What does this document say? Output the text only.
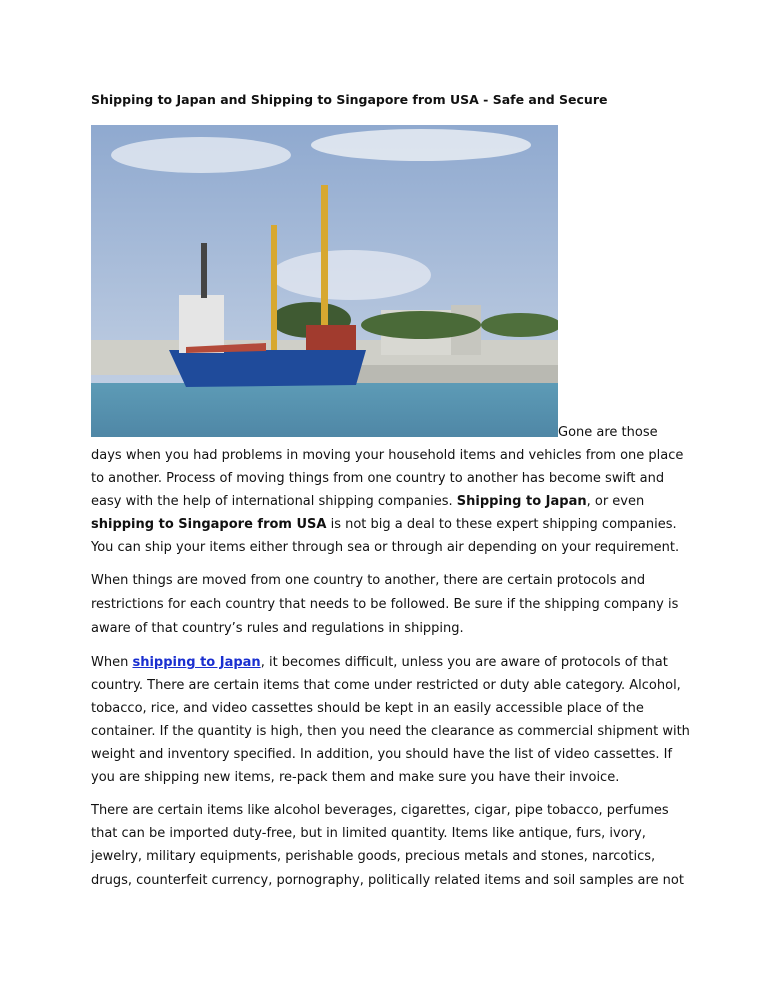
Shipping to Japan and Shipping to Singapore from USA - Safe and Secure
Gone are those
days when you had problems in moving your household items and vehicles from one place
to another. Process of moving things from one country to another has become swift and
easy with the help of international shipping companies. Shipping to Japan, or even
shipping to Singapore from USA is not big a deal to these expert shipping companies.
You can ship your items either through sea or through air depending on your requirement.
When things are moved from one country to another, there are certain protocols and
restrictions for each country that needs to be followed. Be sure if the shipping company is
aware of that country’s rules and regulations in shipping.
When shipping to Japan, it becomes difficult, unless you are aware of protocols of that
country. There are certain items that come under restricted or duty able category. Alcohol,
tobacco, rice, and video cassettes should be kept in an easily accessible place of the
container. If the quantity is high, then you need the clearance as commercial shipment with
weight and inventory specified. In addition, you should have the list of video cassettes. If
you are shipping new items, re-pack them and make sure you have their invoice.
There are certain items like alcohol beverages, cigarettes, cigar, pipe tobacco, perfumes
that can be imported duty-free, but in limited quantity. Items like antique, furs, ivory,
jewelry, military equipments, perishable goods, precious metals and stones, narcotics,
drugs, counterfeit currency, pornography, politically related items and soil samples are not
